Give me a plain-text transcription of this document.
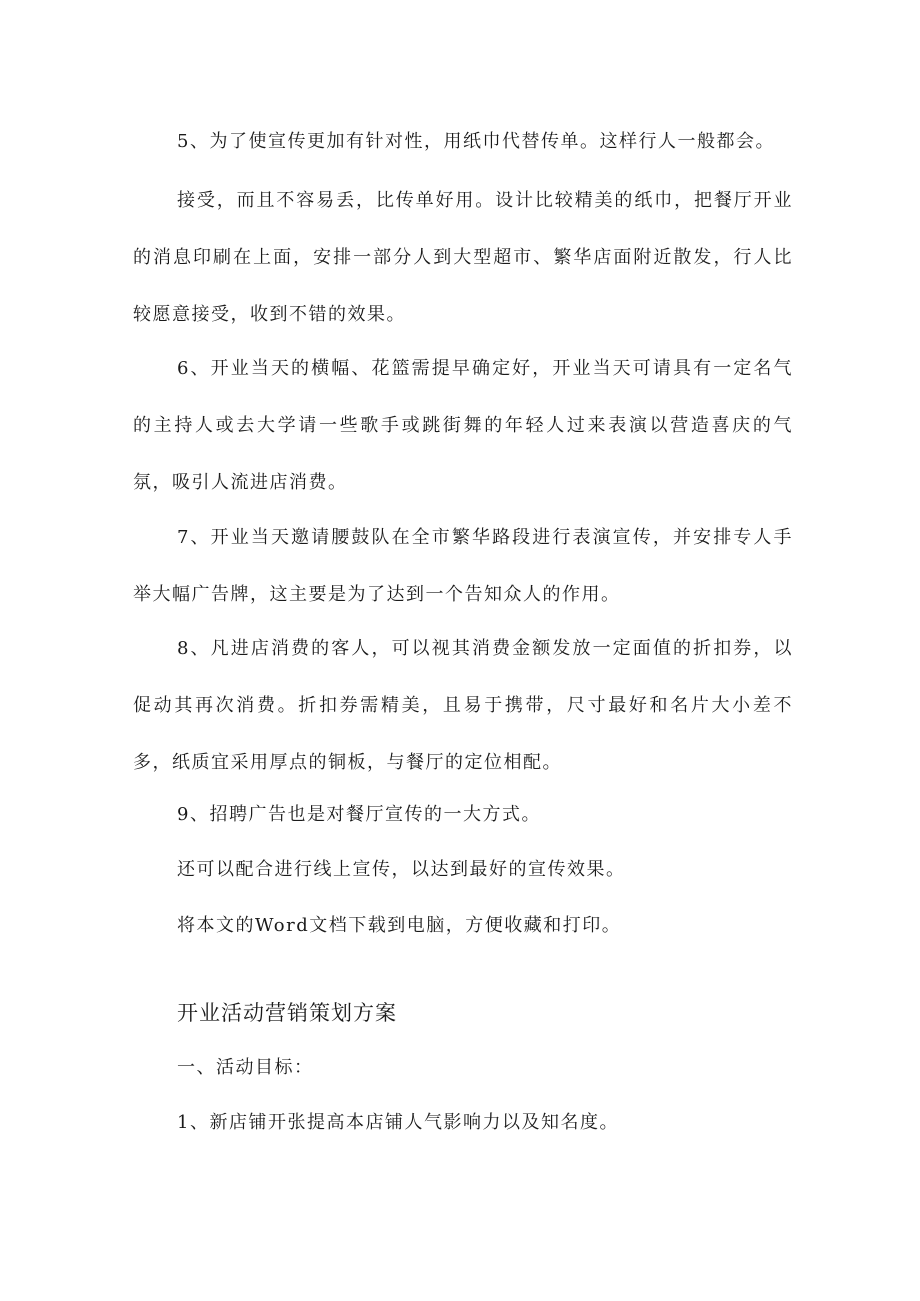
5、为了使宣传更加有针对性，用纸巾代替传单。这样行人一般都会。

接受，而且不容易丢，比传单好用。设计比较精美的纸巾，把餐厅开业的消息印刷在上面，安排一部分人到大型超市、繁华店面附近散发，行人比较愿意接受，收到不错的效果。

6、开业当天的横幅、花篮需提早确定好，开业当天可请具有一定名气的主持人或去大学请一些歌手或跳街舞的年轻人过来表演以营造喜庆的气氛，吸引人流进店消费。

7、开业当天邀请腰鼓队在全市繁华路段进行表演宣传，并安排专人手举大幅广告牌，这主要是为了达到一个告知众人的作用。

8、凡进店消费的客人，可以视其消费金额发放一定面值的折扣券，以促动其再次消费。折扣券需精美，且易于携带，尺寸最好和名片大小差不多，纸质宜采用厚点的铜板，与餐厅的定位相配。

9、招聘广告也是对餐厅宣传的一大方式。

还可以配合进行线上宣传，以达到最好的宣传效果。

将本文的Word文档下载到电脑，方便收藏和打印。

开业活动营销策划方案

一、活动目标：

1、新店铺开张提高本店铺人气影响力以及知名度。
